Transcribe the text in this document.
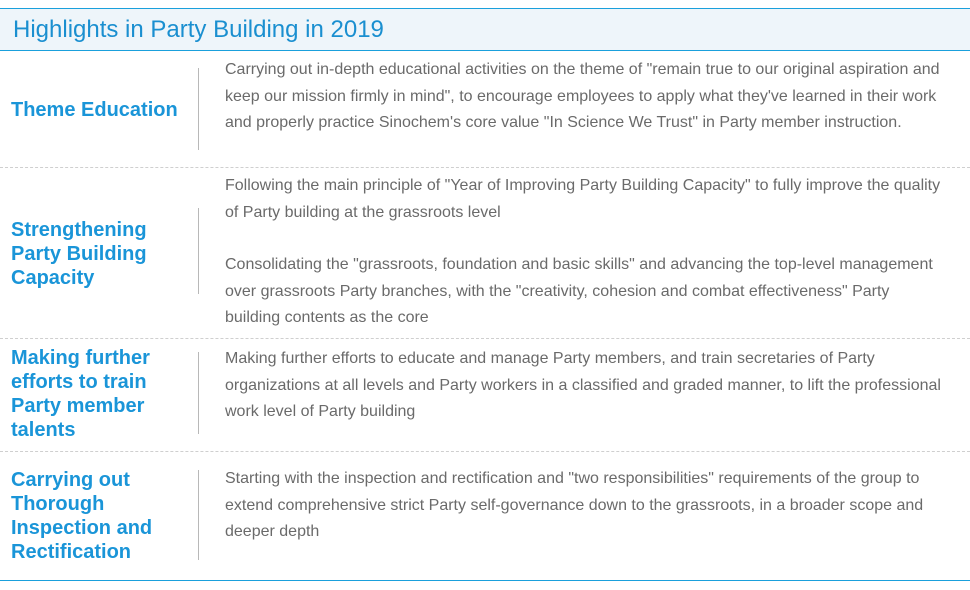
Highlights in Party Building in 2019
Theme Education

Carrying out in-depth educational activities on the theme of "remain true to our original aspiration and keep our mission firmly in mind", to encourage employees to apply what they've learned in their work and properly practice Sinochem's core value "In Science We Trust" in Party member instruction.

Strengthening Party Building Capacity

Following the main principle of "Year of Improving Party Building Capacity" to fully improve the quality of Party building at the grassroots level

Consolidating the "grassroots, foundation and basic skills" and advancing the top-level management over grassroots Party branches, with the "creativity, cohesion and combat effectiveness" Party building contents as the core

Making further efforts to train Party member talents

Making further efforts to educate and manage Party members, and train secretaries of Party organizations at all levels and Party workers in a classified and graded manner, to lift the professional work level of Party building

Carrying out Thorough Inspection and Rectification

Starting with the inspection and rectification and "two responsibilities" requirements of the group to extend comprehensive strict Party self-governance down to the grassroots, in a broader scope and deeper depth
